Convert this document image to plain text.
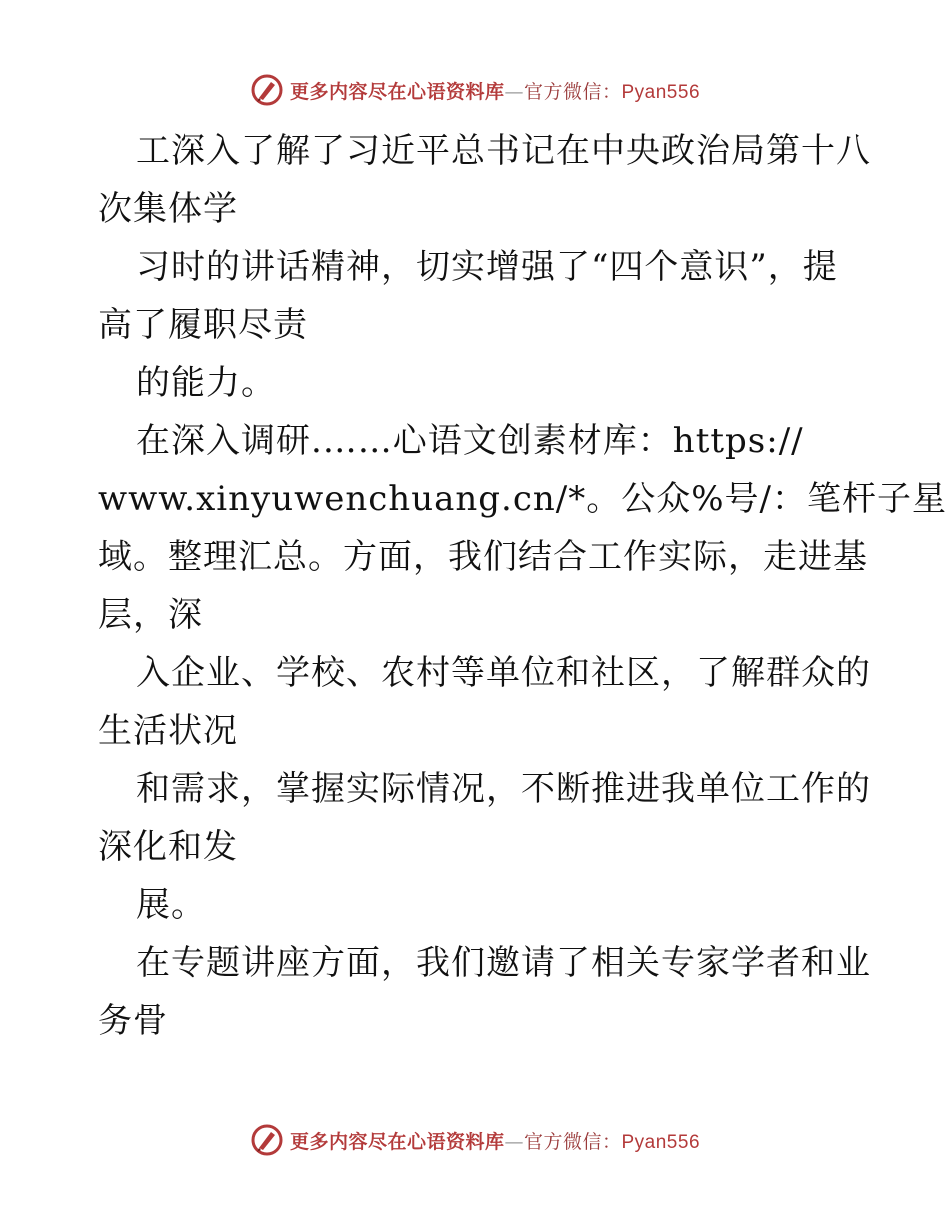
更多内容尽在心语资料库—官方微信：Pyan556
工深入了解了习近平总书记在中央政治局第十八
次集体学
习时的讲话精神，切实增强了“四个意识”，提
高了履职尽责
的能力。
在深入调研.……心语文创素材库：https://
www.xinyuwenchuang.cn/*。公众%号/：笔杆子星
域。整理汇总。方面，我们结合工作实际，走进基
层，深
入企业、学校、农村等单位和社区，了解群众的
生活状况
和需求，掌握实际情况，不断推进我单位工作的
深化和发
展。
在专题讲座方面，我们邀请了相关专家学者和业
务骨
更多内容尽在心语资料库—官方微信：Pyan556
